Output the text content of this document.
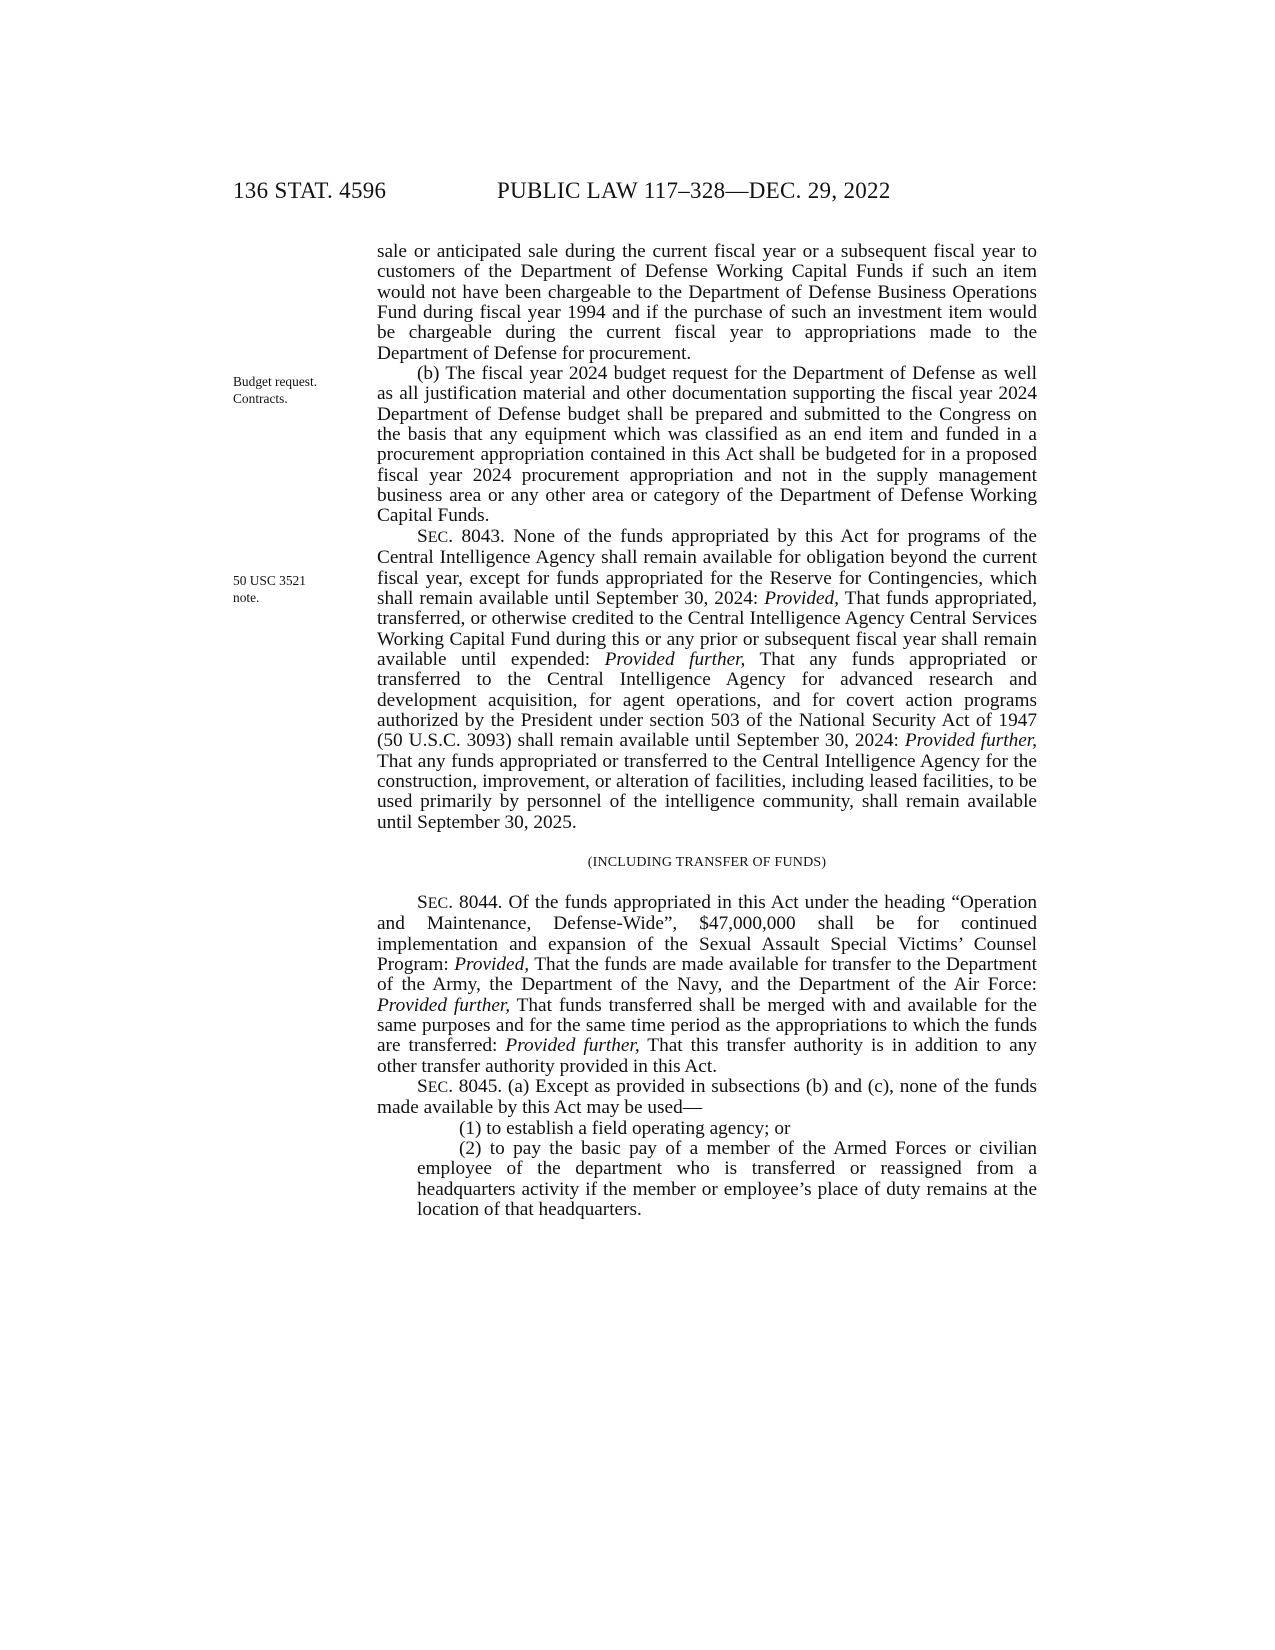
136 STAT. 4596	PUBLIC LAW 117–328—DEC. 29, 2022
Budget request.
Contracts.
50 USC 3521
note.

sale or anticipated sale during the current fiscal year or a subsequent fiscal year to customers of the Department of Defense Working Capital Funds if such an item would not have been chargeable to the Department of Defense Business Operations Fund during fiscal year 1994 and if the purchase of such an investment item would be chargeable during the current fiscal year to appropriations made to the Department of Defense for procurement.

(b) The fiscal year 2024 budget request for the Department of Defense as well as all justification material and other documentation supporting the fiscal year 2024 Department of Defense budget shall be prepared and submitted to the Congress on the basis that any equipment which was classified as an end item and funded in a procurement appropriation contained in this Act shall be budgeted for in a proposed fiscal year 2024 procurement appropriation and not in the supply management business area or any other area or category of the Department of Defense Working Capital Funds.

SEC. 8043. None of the funds appropriated by this Act for programs of the Central Intelligence Agency shall remain available for obligation beyond the current fiscal year, except for funds appropriated for the Reserve for Contingencies, which shall remain available until September 30, 2024: Provided, That funds appropriated, transferred, or otherwise credited to the Central Intelligence Agency Central Services Working Capital Fund during this or any prior or subsequent fiscal year shall remain available until expended: Provided further, That any funds appropriated or transferred to the Central Intelligence Agency for advanced research and development acquisition, for agent operations, and for covert action programs authorized by the President under section 503 of the National Security Act of 1947 (50 U.S.C. 3093) shall remain available until September 30, 2024: Provided further, That any funds appropriated or transferred to the Central Intelligence Agency for the construction, improvement, or alteration of facilities, including leased facilities, to be used primarily by personnel of the intelligence community, shall remain available until September 30, 2025.

(INCLUDING TRANSFER OF FUNDS)

SEC. 8044. Of the funds appropriated in this Act under the heading “Operation and Maintenance, Defense-Wide”, $47,000,000 shall be for continued implementation and expansion of the Sexual Assault Special Victims’ Counsel Program: Provided, That the funds are made available for transfer to the Department of the Army, the Department of the Navy, and the Department of the Air Force: Provided further, That funds transferred shall be merged with and available for the same purposes and for the same time period as the appropriations to which the funds are transferred: Provided further, That this transfer authority is in addition to any other transfer authority provided in this Act.

SEC. 8045. (a) Except as provided in subsections (b) and (c), none of the funds made available by this Act may be used—

(1) to establish a field operating agency; or

(2) to pay the basic pay of a member of the Armed Forces or civilian employee of the department who is transferred or reassigned from a headquarters activity if the member or employee’s place of duty remains at the location of that headquarters.
